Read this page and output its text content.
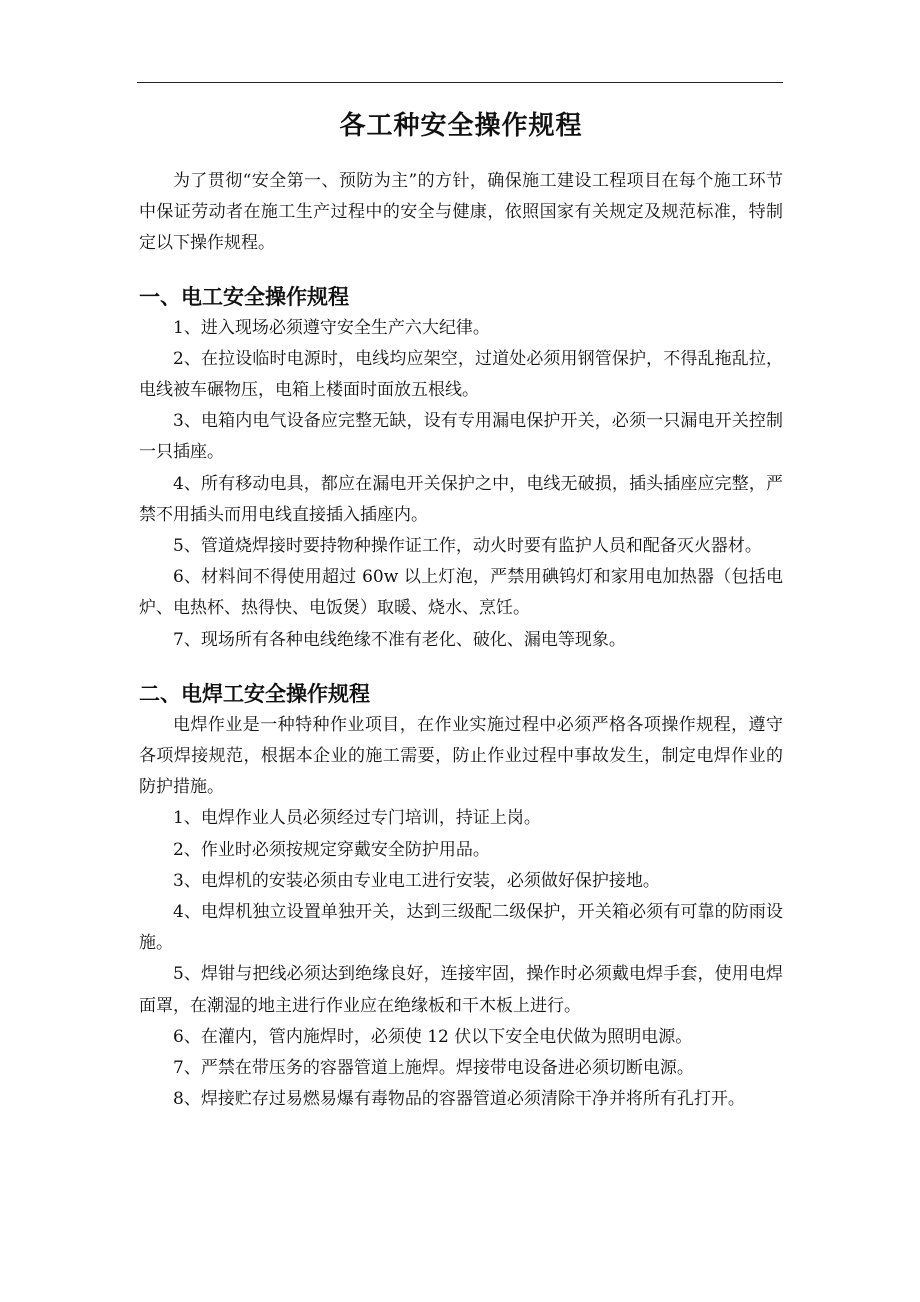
各工种安全操作规程

为了贯彻“安全第一、预防为主”的方针，确保施工建设工程项目在每个施工环节中保证劳动者在施工生产过程中的安全与健康，依照国家有关规定及规范标准，特制定以下操作规程。

一、电工安全操作规程

1、进入现场必须遵守安全生产六大纪律。

2、在拉设临时电源时，电线均应架空，过道处必须用钢管保护，不得乱拖乱拉，电线被车碾物压，电箱上楼面时面放五根线。

3、电箱内电气设备应完整无缺，设有专用漏电保护开关，必须一只漏电开关控制一只插座。

4、所有移动电具，都应在漏电开关保护之中，电线无破损，插头插座应完整，严禁不用插头而用电线直接插入插座内。

5、管道烧焊接时要持物种操作证工作，动火时要有监护人员和配备灭火器材。

6、材料间不得使用超过 60w 以上灯泡，严禁用碘钨灯和家用电加热器（包括电炉、电热杯、热得快、电饭煲）取暖、烧水、烹饪。

7、现场所有各种电线绝缘不准有老化、破化、漏电等现象。

二、电焊工安全操作规程

电焊作业是一种特种作业项目，在作业实施过程中必须严格各项操作规程，遵守各项焊接规范，根据本企业的施工需要，防止作业过程中事故发生，制定电焊作业的防护措施。

1、电焊作业人员必须经过专门培训，持证上岗。

2、作业时必须按规定穿戴安全防护用品。

3、电焊机的安装必须由专业电工进行安装，必须做好保护接地。

4、电焊机独立设置单独开关，达到三级配二级保护，开关箱必须有可靠的防雨设施。

5、焊钳与把线必须达到绝缘良好，连接牢固，操作时必须戴电焊手套，使用电焊面罩，在潮湿的地主进行作业应在绝缘板和干木板上进行。

6、在灌内，管内施焊时，必须使 12 伏以下安全电伏做为照明电源。

7、严禁在带压务的容器管道上施焊。焊接带电设备进必须切断电源。

8、焊接贮存过易燃易爆有毒物品的容器管道必须清除干净并将所有孔打开。
